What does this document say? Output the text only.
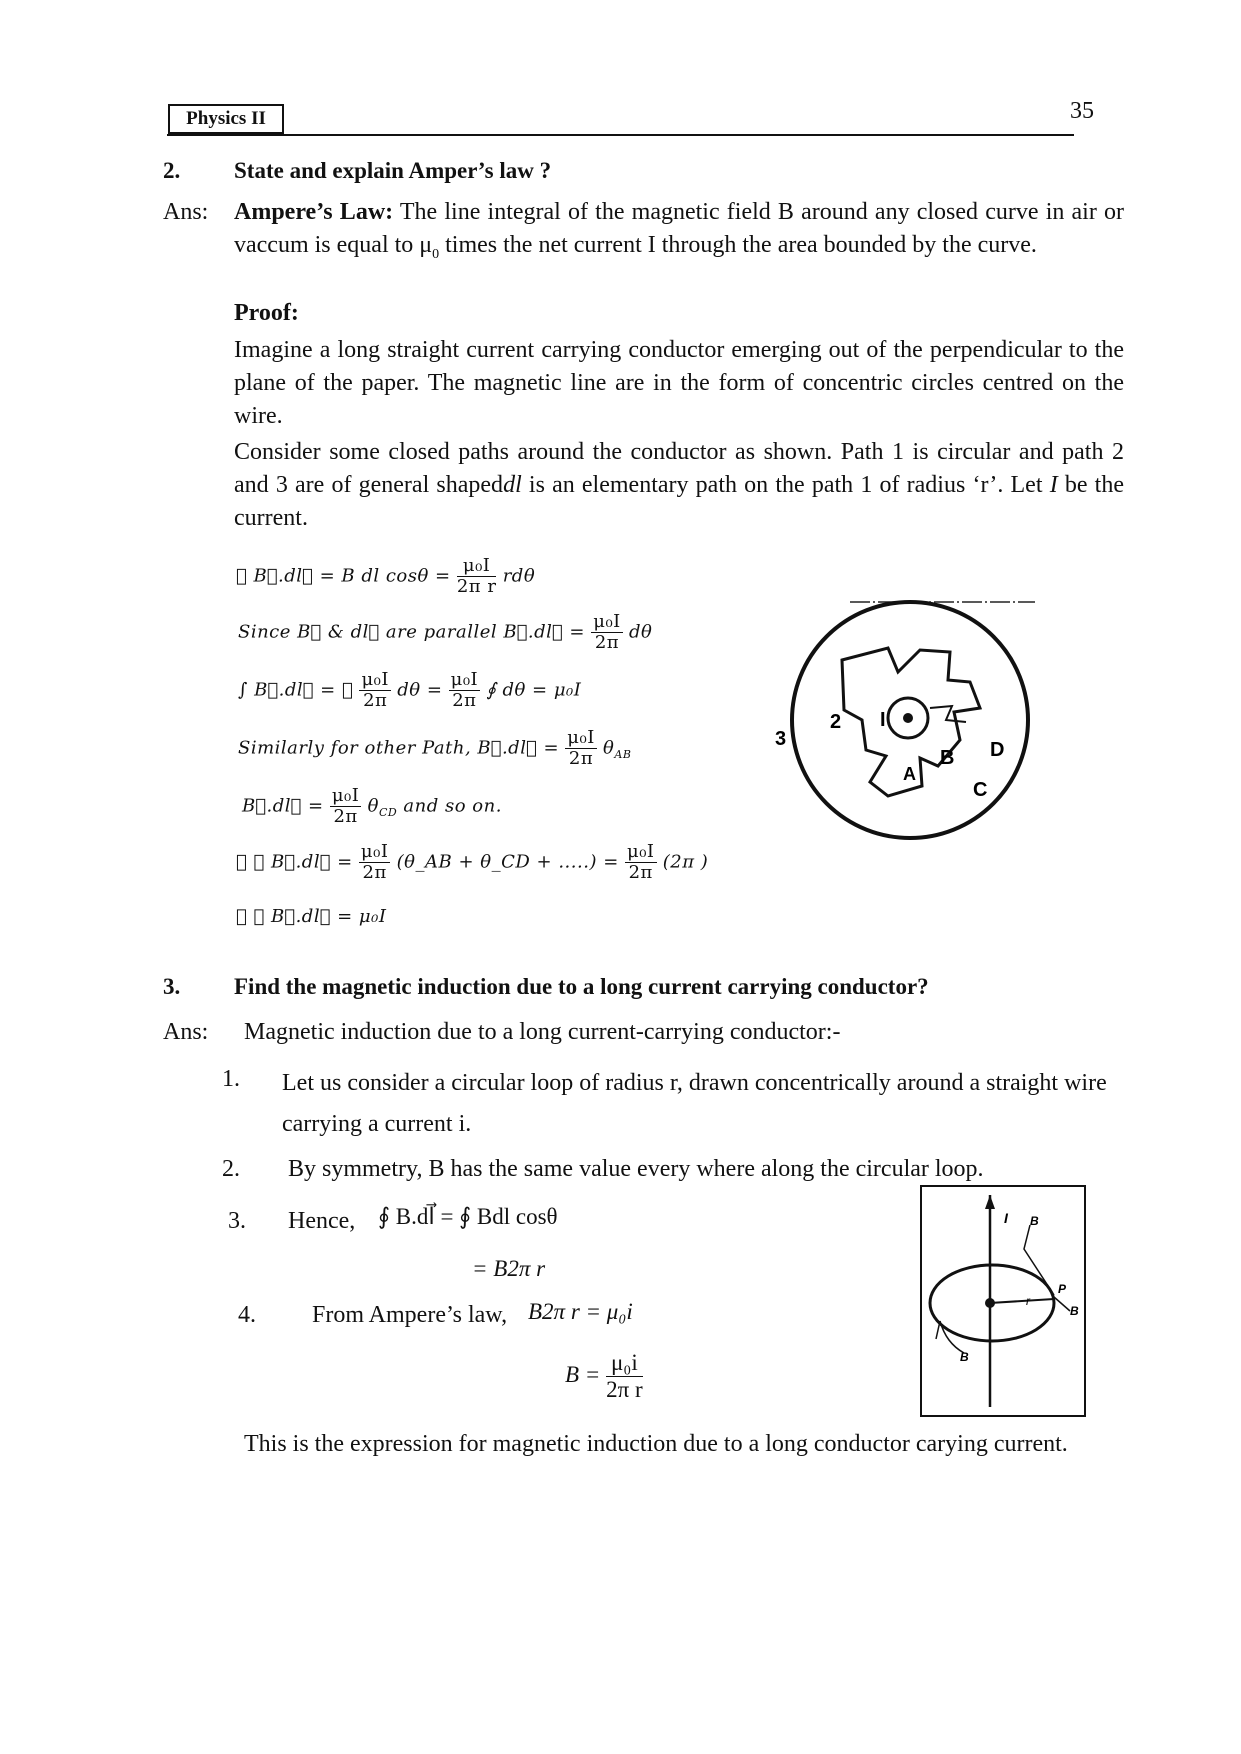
Physics II	35
2. State and explain Amper’s law ?
Ans: Ampere’s Law: The line integral of the magnetic field B around any closed curve in air or vaccum is equal to $\mu_0$ times the net current I through the area bounded by the curve.
Proof:
Imagine a long straight current carrying conductor emerging out of the perpendicular to the plane of the paper. The magnetic line are in the form of concentric circles centred on the wire.
Consider some closed paths around the conductor as shown. Path 1 is circular and path 2 and 3 are of general shapeddl is an elementary path on the path 1 of radius ‘r’. Let I be the current.
∴ B⃗.dl⃗ = B dl $\cos\theta = \frac{\text{μ₀I}}{\text{2π r}}$ rdθ
Since B⃗ & dl⃗ are parallel B⃗.dl⃗ = $\frac{\text{μ₀I}}{2\pi}$ dθ
∫ B⃗.dl⃗ = ∮ $\frac{\text{μ₀I}}{2\pi}$ $d\theta = \frac{\text{μ₀I}}{2\pi}$ ∮ dθ = μ₀I
Similarly for other Path, B⃗.dl⃗ = $\frac{\text{μ₀I}}{2\pi} \theta_{AB}$
B⃗.dl⃗ = $\frac{\text{μ₀I}}{2\pi} \theta_{CD}$ and so on.
∴ ∮ B⃗.dl⃗ = $\frac{\text{μ₀I}}{2\pi}$ (θ_AB + θ_CD + .....) = $\frac{\text{μ₀I}}{2\pi} (2\pi$ )
∴ ∮ B⃗.dl⃗ = μ₀I
3
2 I
A
B
C
D
3. Find the magnetic induction due to a long current carrying conductor?
Ans: Magnetic induction due to a long current-carrying conductor:-
1. Let us consider a circular loop of radius r, drawn concentrically around a straight wire carrying a current i.
2. By symmetry, B has the same value every where along the circular loop.
3. Hence, ∮ B.dl⃗ = ∮ Bdl cosθ
= B2π r
4. From Ampere’s law, B2π r = μ₀i
$B = \frac{\text{μ₀i}}{\text{2π r}}$
I B
r
P
B
B
This is the expression for magnetic induction due to a long conductor carying current.
